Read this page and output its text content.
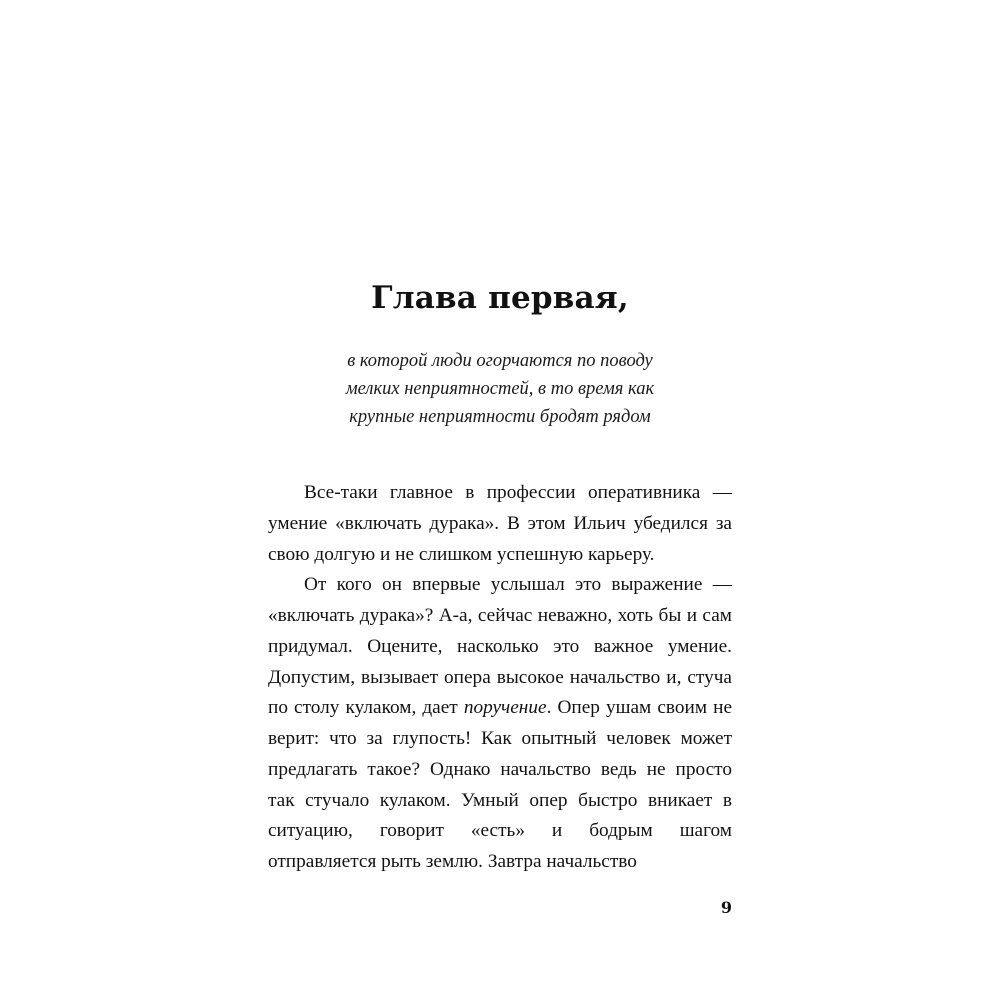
Глава первая,
в которой люди огорчаются по поводу
мелких неприятностей, в то время как
крупные неприятности бродят рядом

Все-таки главное в профессии оперативника — умение «включать дурака». В этом Ильич убедился за свою долгую и не слишком успешную карьеру.

От кого он впервые услышал это выражение — «включать дурака»? А-а, сейчас неважно, хоть бы и сам придумал. Оцените, насколько это важное умение. Допустим, вызывает опера высокое начальство и, стуча по столу кулаком, дает поручение. Опер ушам своим не верит: что за глупость! Как опытный человек может предлагать такое? Однако начальство ведь не просто так стучало кулаком. Умный опер быстро вникает в ситуацию, говорит «есть» и бодрым шагом отправляется рыть землю. Завтра начальство

9
